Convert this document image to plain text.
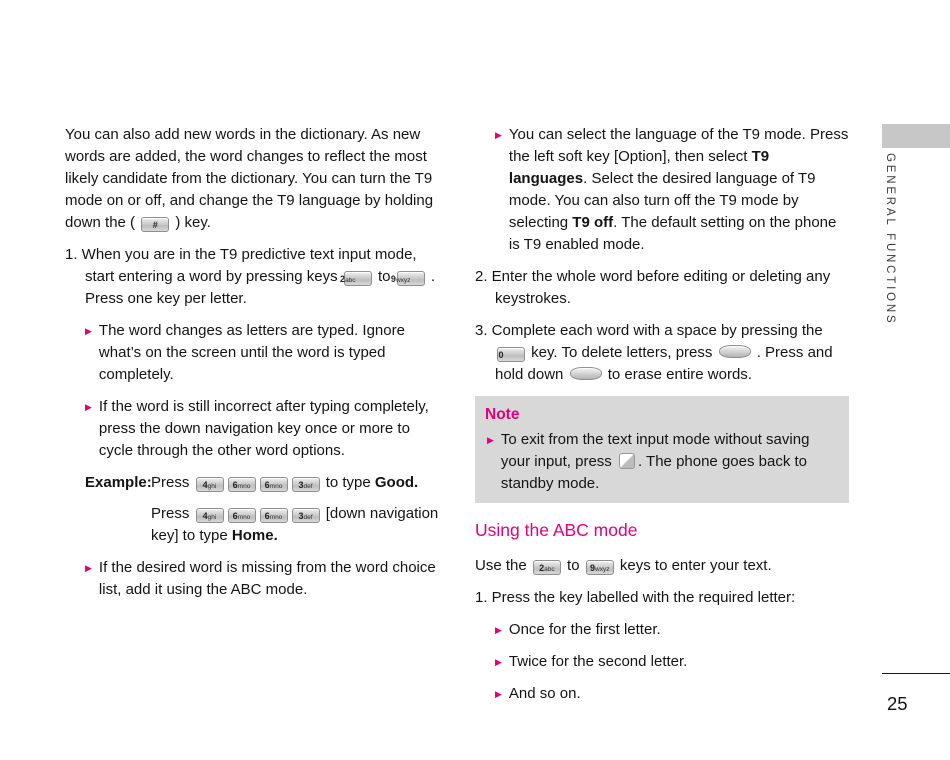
You can also add new words in the dictionary. As new words are added, the word changes to reflect the most likely candidate from the dictionary. You can turn the T9 mode on or off, and change the T9 language by holding down the ( # ) key.

1. When you are in the T9 predictive text input mode, start entering a word by pressing keys 2abc to 9wxyz . Press one key per letter.

▶ The word changes as letters are typed. Ignore what’s on the screen until the word is typed completely.
▶ If the word is still incorrect after typing completely, press the down navigation key once or more to cycle through the other word options.
Example: Press 4ghi 6mno 6mno 3def to type Good.

Press 4ghi 6mno 6mno 3def [down navigation key] to type Home.

▶ If the desired word is missing from the word choice list, add it using the ABC mode.
▶ You can select the language of the T9 mode. Press the left soft key [Option], then select T9 languages. Select the desired language of T9 mode. You can also turn off the T9 mode by selecting T9 off. The default setting on the phone is T9 enabled mode.

2. Enter the whole word before editing or deleting any keystrokes.

3. Complete each word with a space by pressing the 0 key. To delete letters, press	. Press and hold down	to erase entire words.

Note

▶ To exit from the text input mode without saving your input, press . The phone goes back to standby mode.
Using the ABC mode

Use the 2abc to 9wxyz keys to enter your text.

1. Press the key labelled with the required letter:

▶ Once for the first letter.
▶ Twice for the second letter.
▶ And so on.
GENERAL FUNCTIONS
25
